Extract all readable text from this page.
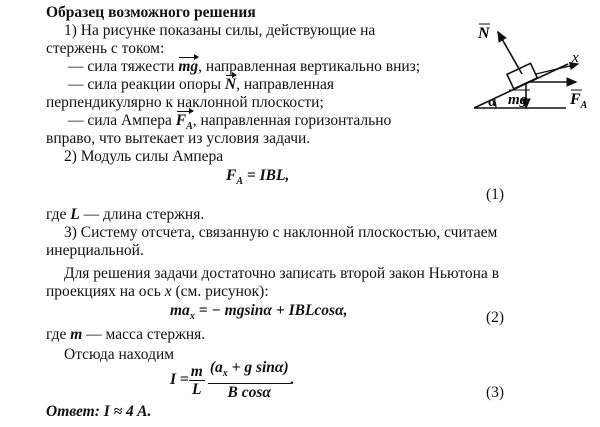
Образец возможного решения
1) На рисунке показаны силы, действующие на
стержень с током:
— сила тяжести mg, направленная вертикально вниз;
— сила реакции опоры N, направленная
перпендикулярно к наклонной плоскости;
— сила Ампера $F_A$, направленная горизонтально
вправо, что вытекает из условия задачи.
2) Модуль силы Ампера
$F_A$ = IBL,
(1)
где L — длина стержня.
3) Систему отсчета, связанную с наклонной плоскостью, считаем
инерциальной.
Для решения задачи достаточно записать второй закон Ньютона в
проекциях на ось x (см. рисунок):
$ma_x$ = − mgsinα + IBLcosα,	(2)
где m — масса стержня.
Отсюда находим
$I = \frac{m}{L} \frac{(a_x + g \sin\alpha)}{\text{B cosα}}$ .
(3)
Ответ: I ≈ 4 A.
N
x
α mg	$F_A$
